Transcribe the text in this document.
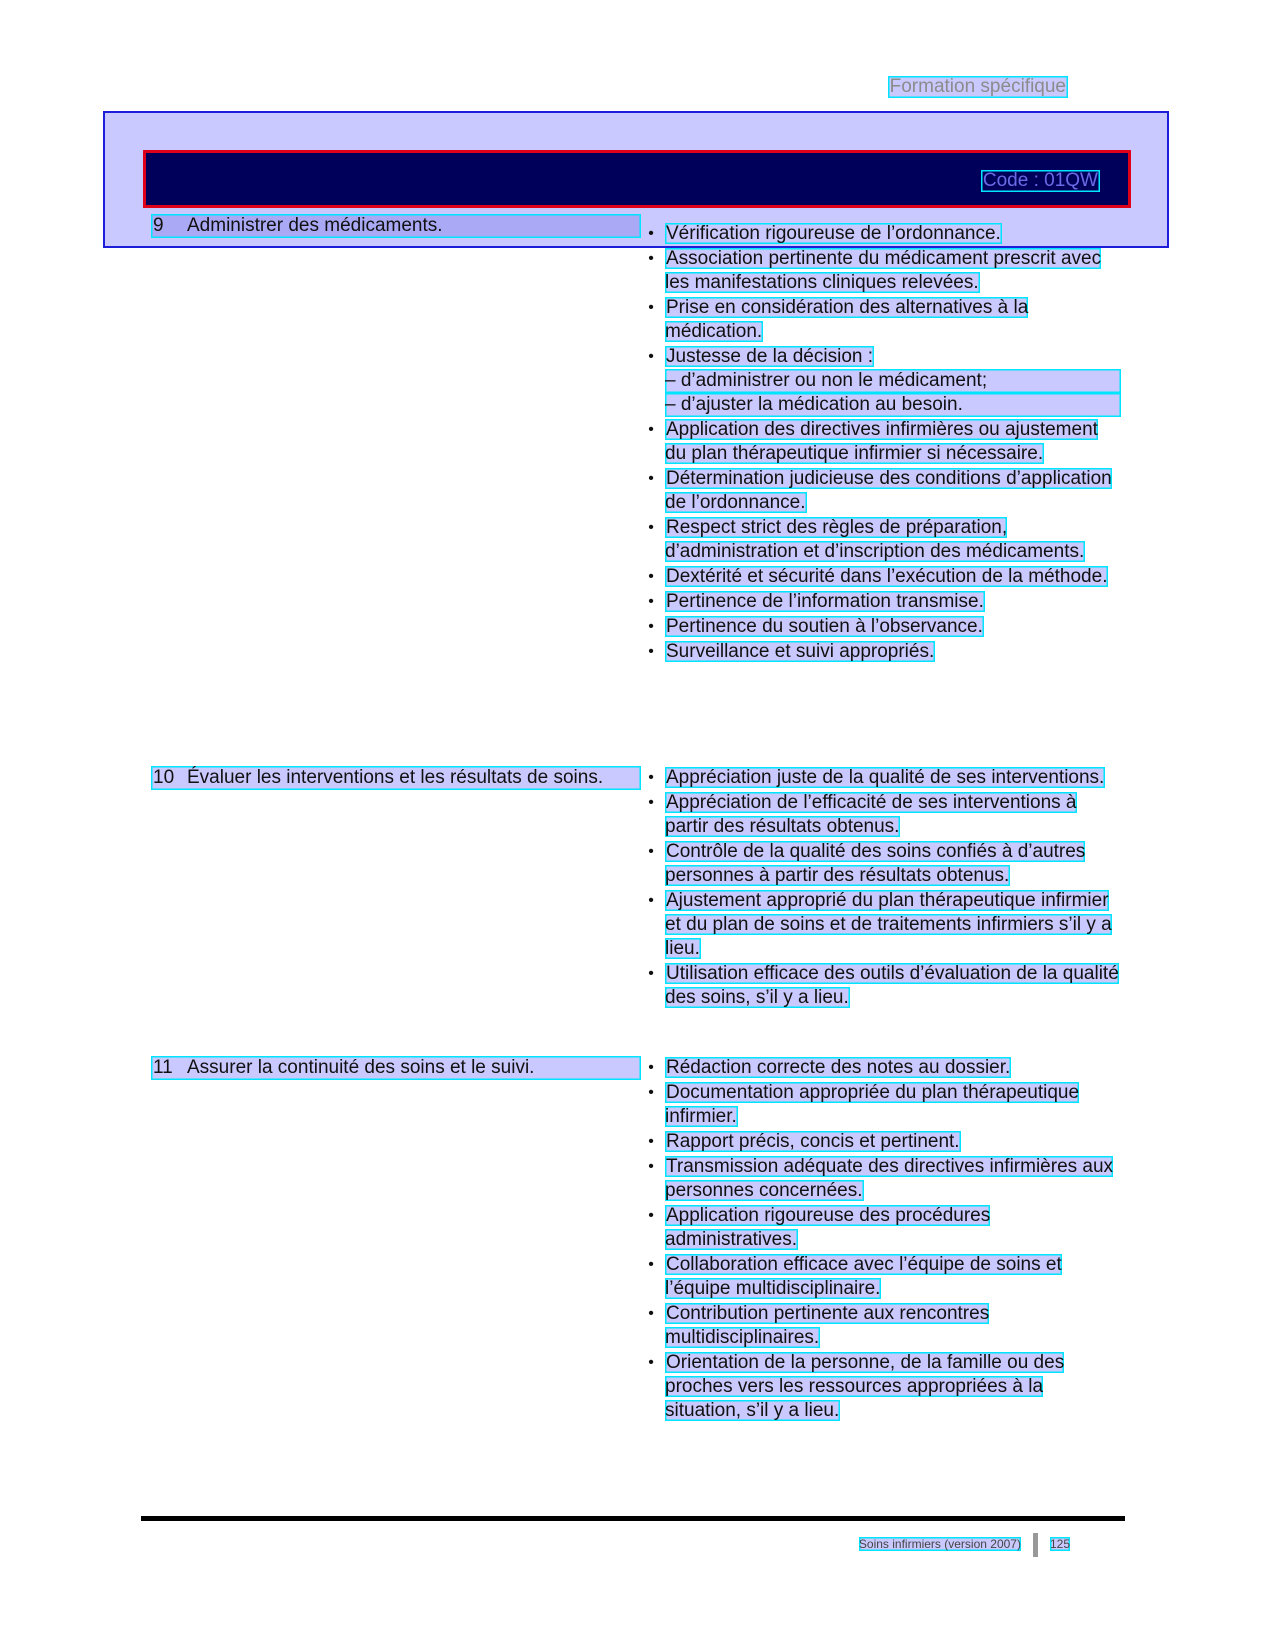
Formation spécifique
Code : 01QW
9	Administrer des médicaments.	• Vérification rigoureuse de l’ordonnance.
• Association pertinente du médicament prescrit avec les manifestations cliniques relevées.
• Prise en considération des alternatives à la médication.
• Justesse de la décision :
– d’administrer ou non le médicament;
– d’ajuster la médication au besoin.
• Application des directives infirmières ou ajustement du plan thérapeutique infirmier si nécessaire.
• Détermination judicieuse des conditions d’application de l’ordonnance.
• Respect strict des règles de préparation, d’administration et d’inscription des médicaments.
• Dextérité et sécurité dans l’exécution de la méthode.
• Pertinence de l’information transmise.
• Pertinence du soutien à l’observance.
• Surveillance et suivi appropriés.
10 Évaluer les interventions et les résultats de soins.	• Appréciation juste de la qualité de ses interventions.
• Appréciation de l’efficacité de ses interventions à partir des résultats obtenus.
• Contrôle de la qualité des soins confiés à d’autres personnes à partir des résultats obtenus.
• Ajustement approprié du plan thérapeutique infirmier et du plan de soins et de traitements infirmiers s’il y a lieu.
• Utilisation efficace des outils d’évaluation de la qualité des soins, s’il y a lieu.
11 Assurer la continuité des soins et le suivi.	• Rédaction correcte des notes au dossier.
• Documentation appropriée du plan thérapeutique infirmier.
• Rapport précis, concis et pertinent.
• Transmission adéquate des directives infirmières aux personnes concernées.
• Application rigoureuse des procédures administratives.
• Collaboration efficace avec l’équipe de soins et l’équipe multidisciplinaire.
• Contribution pertinente aux rencontres multidisciplinaires.
• Orientation de la personne, de la famille ou des proches vers les ressources appropriées à la situation, s’il y a lieu.
Soins infirmiers (version 2007) 125
